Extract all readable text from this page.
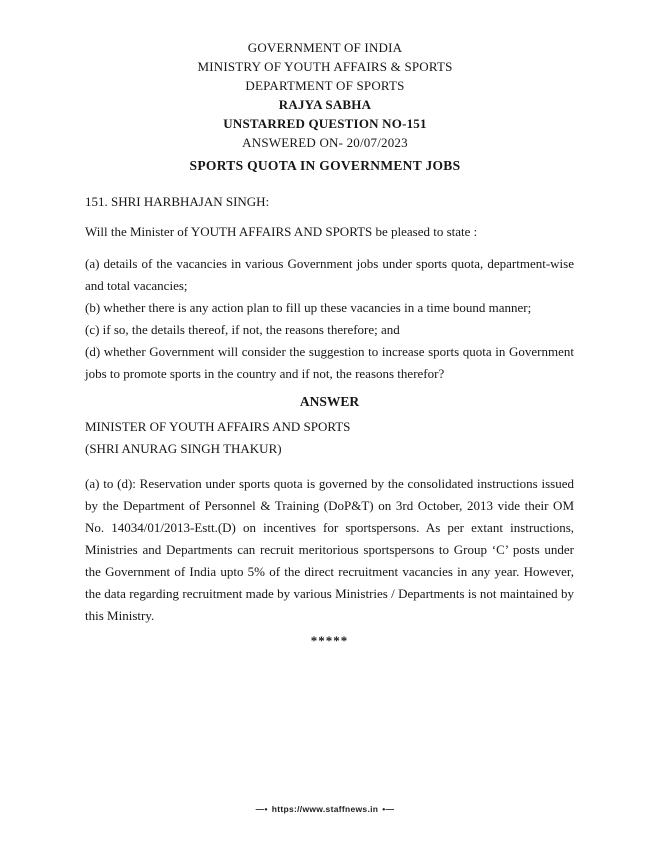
GOVERNMENT OF INDIA

MINISTRY OF YOUTH AFFAIRS & SPORTS

DEPARTMENT OF SPORTS

RAJYA SABHA

UNSTARRED QUESTION NO-151

ANSWERED ON- 20/07/2023

SPORTS QUOTA IN GOVERNMENT JOBS

151. SHRI HARBHAJAN SINGH:

Will the Minister of YOUTH AFFAIRS AND SPORTS be pleased to state :

(a) details of the vacancies in various Government jobs under sports quota, department-wise and total vacancies;

(b) whether there is any action plan to fill up these vacancies in a time bound manner;

(c) if so, the details thereof, if not, the reasons therefore; and

(d) whether Government will consider the suggestion to increase sports quota in Government jobs to promote sports in the country and if not, the reasons therefor?

ANSWER

MINISTER OF YOUTH AFFAIRS AND SPORTS

(SHRI ANURAG SINGH THAKUR)

(a) to (d): Reservation under sports quota is governed by the consolidated instructions issued by the Department of Personnel & Training (DoP&T) on 3rd October, 2013 vide their OM No. 14034/01/2013-Estt.(D) on incentives for sportspersons. As per extant instructions, Ministries and Departments can recruit meritorious sportspersons to Group ‘C’ posts under the Government of India upto 5% of the direct recruitment vacancies in any year. However, the data regarding recruitment made by various Ministries / Departments is not maintained by this Ministry.

*****

—• https://www.staffnews.in •—
